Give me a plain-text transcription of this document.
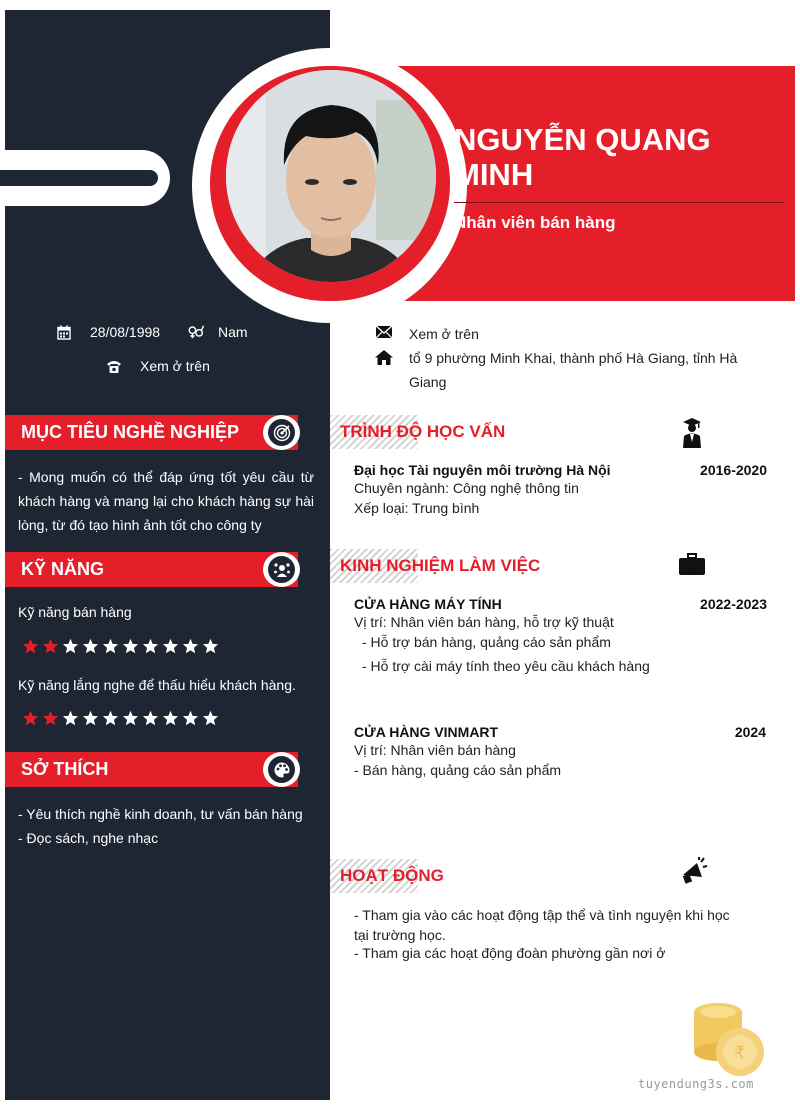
NGUYỄN QUANG MINH
Nhân viên bán hàng
28/08/1998	Nam
Xem ở trên
Xem ở trên
tổ 9 phường Minh Khai, thành phố Hà Giang, tỉnh Hà Giang
MỤC TIÊU NGHỀ NGHIỆP
- Mong muốn có thể đáp ứng tốt yêu cầu từ khách hàng và mang lại cho khách hàng sự hài lòng, từ đó tạo hình ảnh tốt cho công ty
KỸ NĂNG
Kỹ năng bán hàng
Kỹ năng lắng nghe để thấu hiểu khách hàng.
SỞ THÍCH
- Yêu thích nghề kinh doanh, tư vấn bán hàng
- Đọc sách, nghe nhạc
TRÌNH ĐỘ HỌC VẤN
Đại học Tài nguyên môi trường Hà Nội	2016-2020
Chuyên ngành: Công nghệ thông tin
Xếp loại: Trung bình
KINH NGHIỆM LÀM VIỆC
CỬA HÀNG MÁY TÍNH	2022-2023
Vị trí: Nhân viên bán hàng, hỗ trợ kỹ thuật
- Hỗ trợ bán hàng, quảng cáo sản phẩm
- Hỗ trợ cài máy tính theo yêu cầu khách hàng
CỬA HÀNG VINMART	2024
Vị trí: Nhân viên bán hàng
- Bán hàng, quảng cáo sản phẩm
HOẠT ĐỘNG
- Tham gia vào các hoạt động tập thể và tình nguyện khi học tại trường học.
- Tham gia các hoạt động đoàn phường gần nơi ở
₹
tuyendung3s.com
